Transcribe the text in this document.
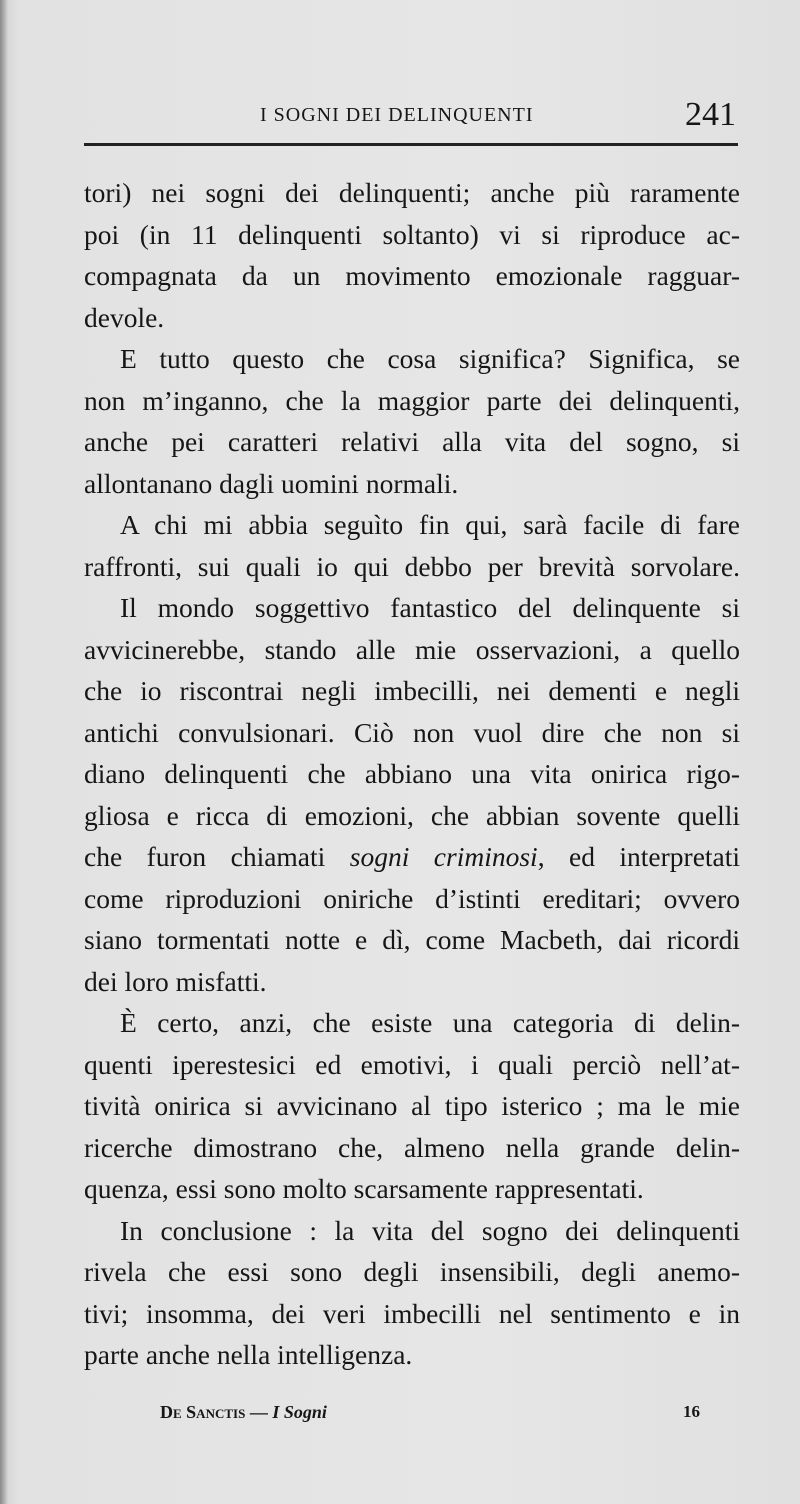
I SOGNI DEI DELINQUENTI	241
tori) nei sogni dei delinquenti; anche più raramente
poi (in 11 delinquenti soltanto) vi si riproduce ac-
compagnata da un movimento emozionale ragguar-
devole.
E tutto questo che cosa significa? Significa, se
non m’inganno, che la maggior parte dei delinquenti,
anche pei caratteri relativi alla vita del sogno, si
allontanano dagli uomini normali.
A chi mi abbia seguìto fin qui, sarà facile di fare
raffronti, sui quali io qui debbo per brevità sorvolare.
Il mondo soggettivo fantastico del delinquente si
avvicinerebbe, stando alle mie osservazioni, a quello
che io riscontrai negli imbecilli, nei dementi e negli
antichi convulsionari. Ciò non vuol dire che non si
diano delinquenti che abbiano una vita onirica rigo-
gliosa e ricca di emozioni, che abbian sovente quelli
che furon chiamati sogni criminosi, ed interpretati
come riproduzioni oniriche d’istinti ereditari; ovvero
siano tormentati notte e dì, come Macbeth, dai ricordi
dei loro misfatti.
È certo, anzi, che esiste una categoria di delin-
quenti iperestesici ed emotivi, i quali perciò nell’at-
tività onirica si avvicinano al tipo isterico ; ma le mie
ricerche dimostrano che, almeno nella grande delin-
quenza, essi sono molto scarsamente rappresentati.
In conclusione : la vita del sogno dei delinquenti
rivela che essi sono degli insensibili, degli anemo-
tivi; insomma, dei veri imbecilli nel sentimento e in
parte anche nella intelligenza.
De Sanctis — I Sogni	16
